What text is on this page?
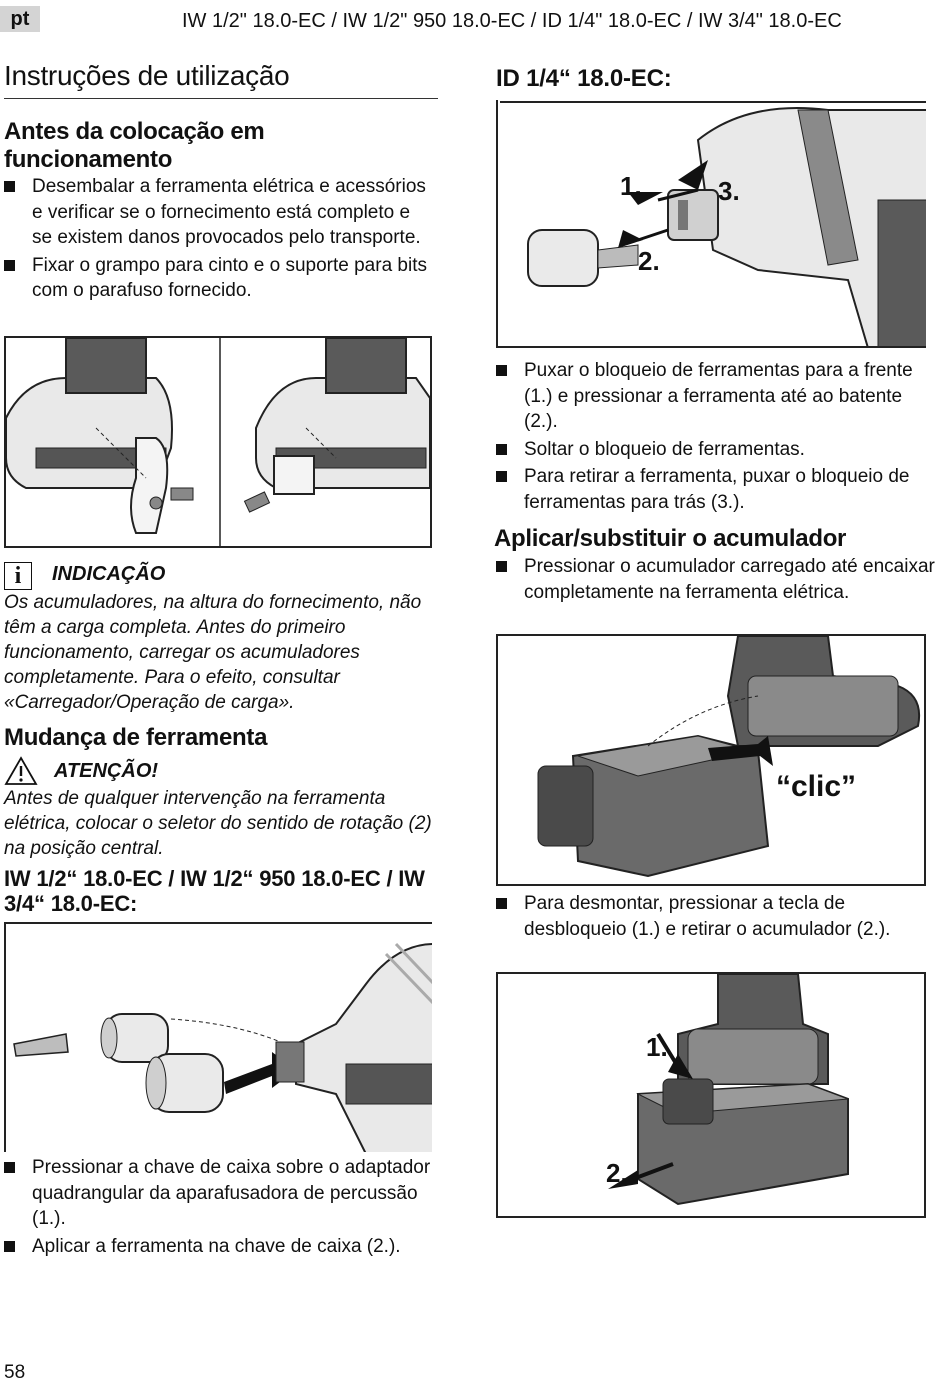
pt	IW 1/2" 18.0-EC / IW 1/2" 950 18.0-EC / ID 1/4" 18.0-EC / IW 3/4" 18.0-EC
Instruções de utilização
Antes da colocação em funcionamento
Desembalar a ferramenta elétrica e acessórios e verificar se o fornecimento está completo e se existem danos provocados pelo transporte.
Fixar o grampo para cinto e o suporte para bits com o parafuso fornecido.
i INDICAÇÃO
Os acumuladores, na altura do fornecimento, não têm a carga completa. Antes do primeiro funcionamento, carregar os acumuladores completamente. Para o efeito, consultar «Carregador/Operação de carga».
Mudança de ferramenta
ATENÇÃO!
Antes de qualquer intervenção na ferramenta elétrica, colocar o seletor do sentido de rotação (2) na posição central.
IW 1/2“ 18.0-EC / IW 1/2“ 950 18.0-EC / IW 3/4“ 18.0-EC:
Pressionar a chave de caixa sobre o adaptador quadrangular da aparafusadora de percussão (1.).
Aplicar a ferramenta na chave de caixa (2.).
ID 1/4“ 18.0-EC:
1.
2.
3.
Puxar o bloqueio de ferramentas para a frente (1.) e pressionar a ferramenta até ao batente (2.).
Soltar o bloqueio de ferramentas.
Para retirar a ferramenta, puxar o bloqueio de ferramentas para trás (3.).
Aplicar/substituir o acumulador
Pressionar o acumulador carregado até encaixar completamente na ferramenta elétrica.
“clic”
Para desmontar, pressionar a tecla de desbloqueio (1.) e retirar o acumulador (2.).
1.
2.
58
